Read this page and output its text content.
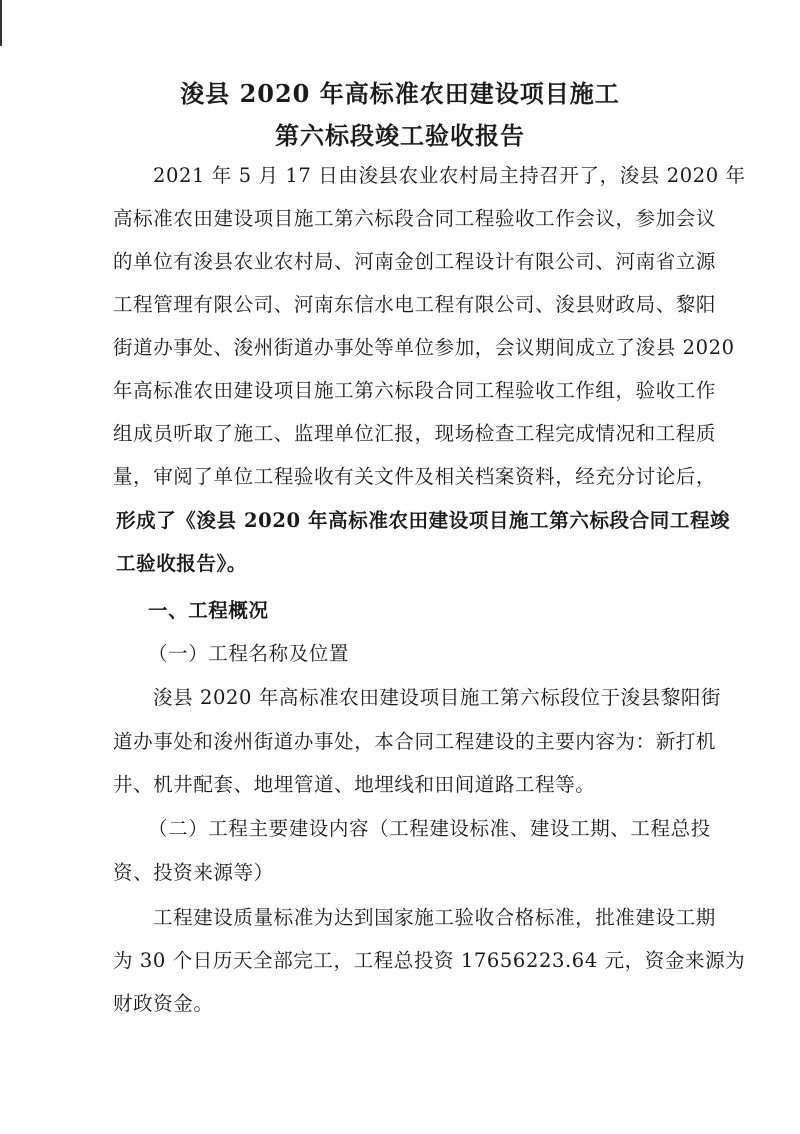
浚县 2020 年高标准农田建设项目施工
第六标段竣工验收报告
2021 年 5 月 17 日由浚县农业农村局主持召开了，浚县 2020 年
高标准农田建设项目施工第六标段合同工程验收工作会议，参加会议
的单位有浚县农业农村局、河南金创工程设计有限公司、河南省立源
工程管理有限公司、河南东信水电工程有限公司、浚县财政局、黎阳
街道办事处、浚州街道办事处等单位参加，会议期间成立了浚县 2020
年高标准农田建设项目施工第六标段合同工程验收工作组，验收工作
组成员听取了施工、监理单位汇报，现场检查工程完成情况和工程质
量，审阅了单位工程验收有关文件及相关档案资料，经充分讨论后，
形成了《浚县 2020 年高标准农田建设项目施工第六标段合同工程竣
工验收报告》。
一、工程概况
（一）工程名称及位置
浚县 2020 年高标准农田建设项目施工第六标段位于浚县黎阳街
道办事处和浚州街道办事处，本合同工程建设的主要内容为：新打机
井、机井配套、地埋管道、地埋线和田间道路工程等。
（二）工程主要建设内容（工程建设标准、建设工期、工程总投
资、投资来源等）
工程建设质量标准为达到国家施工验收合格标准，批准建设工期
为 30 个日历天全部完工，工程总投资 17656223.64 元，资金来源为
财政资金。
